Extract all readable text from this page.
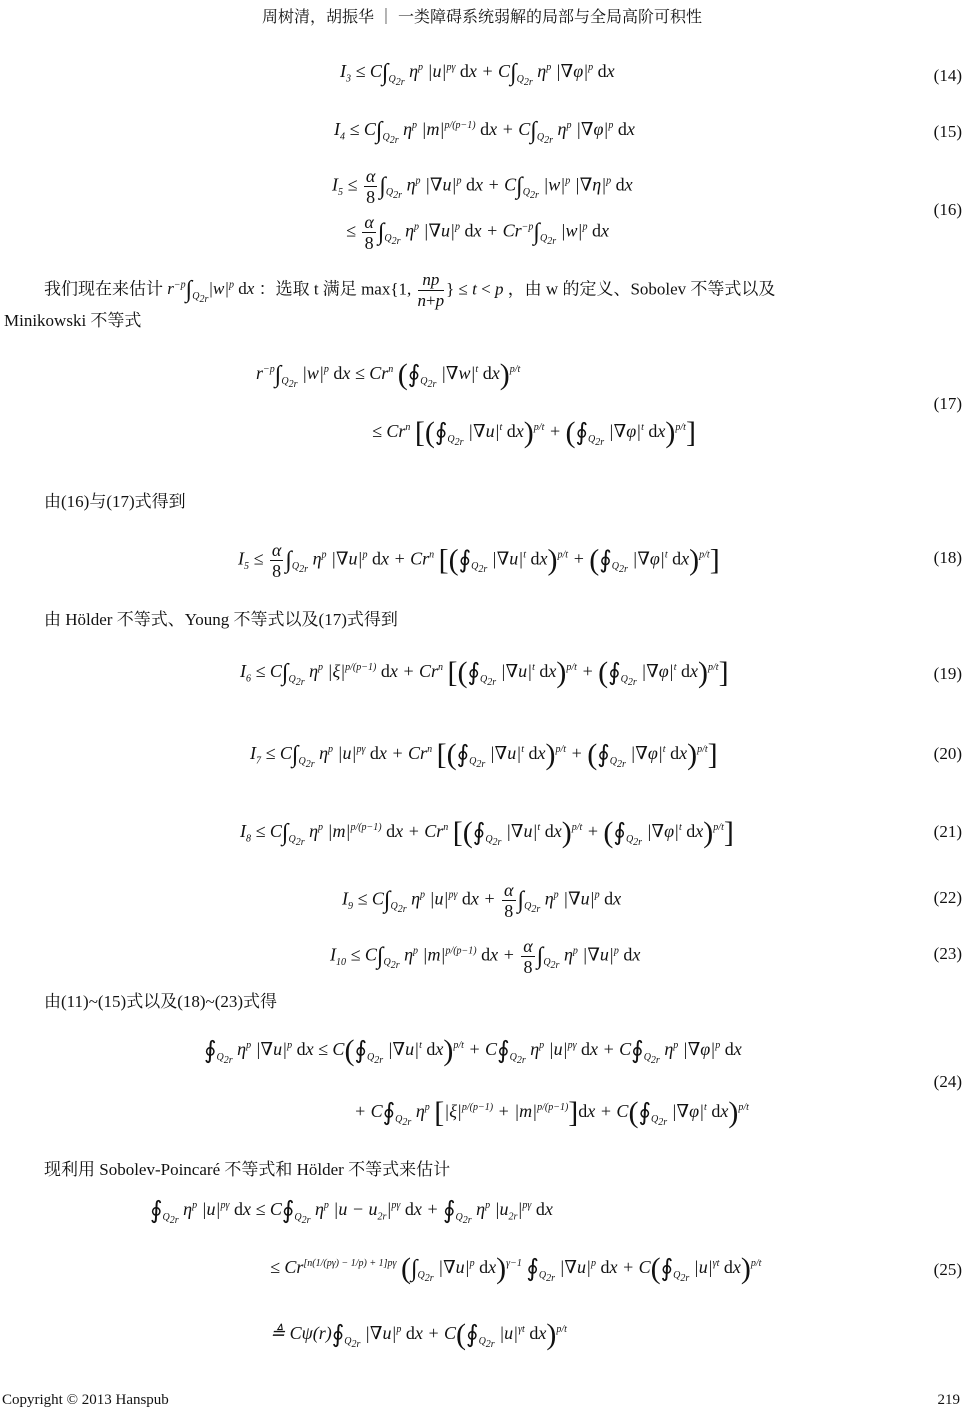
周树清，胡振华 ｜ 一类障碍系统弱解的局部与全局高阶可积性
$I_3 \le C\int_{Q_{2r}}$ $\eta^p$ $|u|^{p\gamma}$ dx + $C\int_{Q_{2r}}$ $\eta^p$ $|\nabla\varphi|^p$ dx	(14)
$I_4 \le C\int_{Q_{2r}}$ $\eta^p$ $|m|^{p/(p-1)}$ dx + $C\int_{Q_{2r}}$ $\eta^p$ $|\nabla\varphi|^p$ dx	(15)
$I_5 \le \frac{\alpha}{8} \int_{Q_{2r}}$ $\eta^p$ $|\nabla u|^p$ dx + $C\int_{Q_{2r}}$ $|w|^p$ $|\nabla\eta|^p$ dx
≤ $\frac{\alpha}{8} \int_{Q_{2r}}$ $\eta^p$ $|\nabla u|^p$ dx + $Cr^{-p}\int_{Q_{2r}}$ $|w|^p$ dx
(16)
我们现在来估计 $r^{-p}\int_{Q_{2r}}|w|^p$ dx ：选取 t 满足 max{1, $\frac{np}{n+p}$ } ≤ t < p ，由 w 的定义、Sobolev 不等式以及
Minikowski 不等式
$r^{-p}\int_{Q_{2r}}$ $|w|^p$ dx ≤ $Cr^n$ ($∮_{Q_{2r}}$ $|\nabla w|^t$ dx)$^{p/t}$
≤ $Cr^n$ [($∮_{Q_{2r}}$ $|\nabla u|^t$ $dx)^{p/t} + (∮_{Q_{2r}}$ $|\nabla\varphi|^t$ dx)$^{p/t}$]
(17)
由(16)与(17)式得到
$I_5 \le \frac{\alpha}{8} \int_{Q_{2r}}$ $\eta^p$ $|\nabla u|^p$ dx + $Cr^n$ [($∮_{Q_{2r}}$ $|\nabla u|^t$ $dx)^{p/t} + (∮_{Q_{2r}}$ $|\nabla\varphi|^t$ dx)$^{p/t}$]	(18)
由 Hölder 不等式、Young 不等式以及(17)式得到
$I_6 \le C\int_{Q_{2r}}$ $\eta^p$ $|\xi|^{p/(p-1)}$ dx + $Cr^n$ [($∮_{Q_{2r}}$ $|\nabla u|^t$ $dx)^{p/t} + (∮_{Q_{2r}}$ $|\nabla\varphi|^t$ dx)$^{p/t}$]	(19)
$I_7 \le C\int_{Q_{2r}}$ $\eta^p$ $|u|^{p\gamma}$ dx + $Cr^n$ [($∮_{Q_{2r}}$ $|\nabla u|^t$ $dx)^{p/t} + (∮_{Q_{2r}}$ $|\nabla\varphi|^t$ dx)$^{p/t}$]	(20)
$I_8 \le C\int_{Q_{2r}}$ $\eta^p$ $|m|^{p/(p-1)}$ dx + $Cr^n$ [($∮_{Q_{2r}}$ $|\nabla u|^t$ $dx)^{p/t} + (∮_{Q_{2r}}$ $|\nabla\varphi|^t$ dx)$^{p/t}$]	(21)
$I_9 \le C\int_{Q_{2r}}$ $\eta^p$ $|u|^{p\gamma}$ dx + $\frac{\alpha}{8} \int_{Q_{2r}}$ $\eta^p$ $|\nabla u|^p$ dx	(22)
$I_{10} \le C\int_{Q_{2r}}$ $\eta^p$ $|m|^{p/(p-1)}$ dx + $\frac{\alpha}{8} \int_{Q_{2r}}$ $\eta^p$ $|\nabla u|^p$ dx	(23)
由(11)~(15)式以及(18)~(23)式得
$∮_{Q_{2r}}$ $\eta^p$ $|\nabla u|^p$ dx ≤ $C(∮_{Q_{2r}}$ $|\nabla u|^t$ $dx)^{p/t} + C∮_{Q_{2r}}$ $\eta^p$ $|u|^{p\gamma}$ dx + $C∮_{Q_{2r}}$ $\eta^p$ $|\nabla\varphi|^p$ dx
+ $C∮_{Q_{2r}}$ $\eta^p$ $[|\xi|^{p/(p-1)} + |m|^{p/(p-1)}]dx$ + $C(∮_{Q_{2r}}$ $|\nabla\varphi|^t$ dx)$^{p/t}$
(24)
现利用 Sobolev-Poincaré 不等式和 Hölder 不等式来估计
$∮_{Q_{2r}}$ $\eta^p$ $|u|^{p\gamma}$ dx ≤ $C∮_{Q_{2r}}$ $\eta^p$ $|u - u_{2r}|^{p\gamma}$ dx + $∮_{Q_{2r}}$ $\eta^p$ $|u_{2r}|^{p\gamma}$ dx
≤ $Cr^{[n(1/(p\gamma) - 1/p) + 1]p\gamma}$ ($\int_{Q_{2r}}$ $|\nabla u|^p$ dx)$^{\gamma-1}$ $∮_{Q_{2r}}$ $|\nabla u|^p$ dx + $C(∮_{Q_{2r}}$ $|u|^{\gamma t}$ dx)$^{p/t}$
≜ $C\psi(r)∮_{Q_{2r}}$ $|\nabla u|^p$ dx + $C(∮_{Q_{2r}}$ $|u|^{\gamma t}$ dx)$^{p/t}$
(25)
Copyright © 2013 Hanspub	219
